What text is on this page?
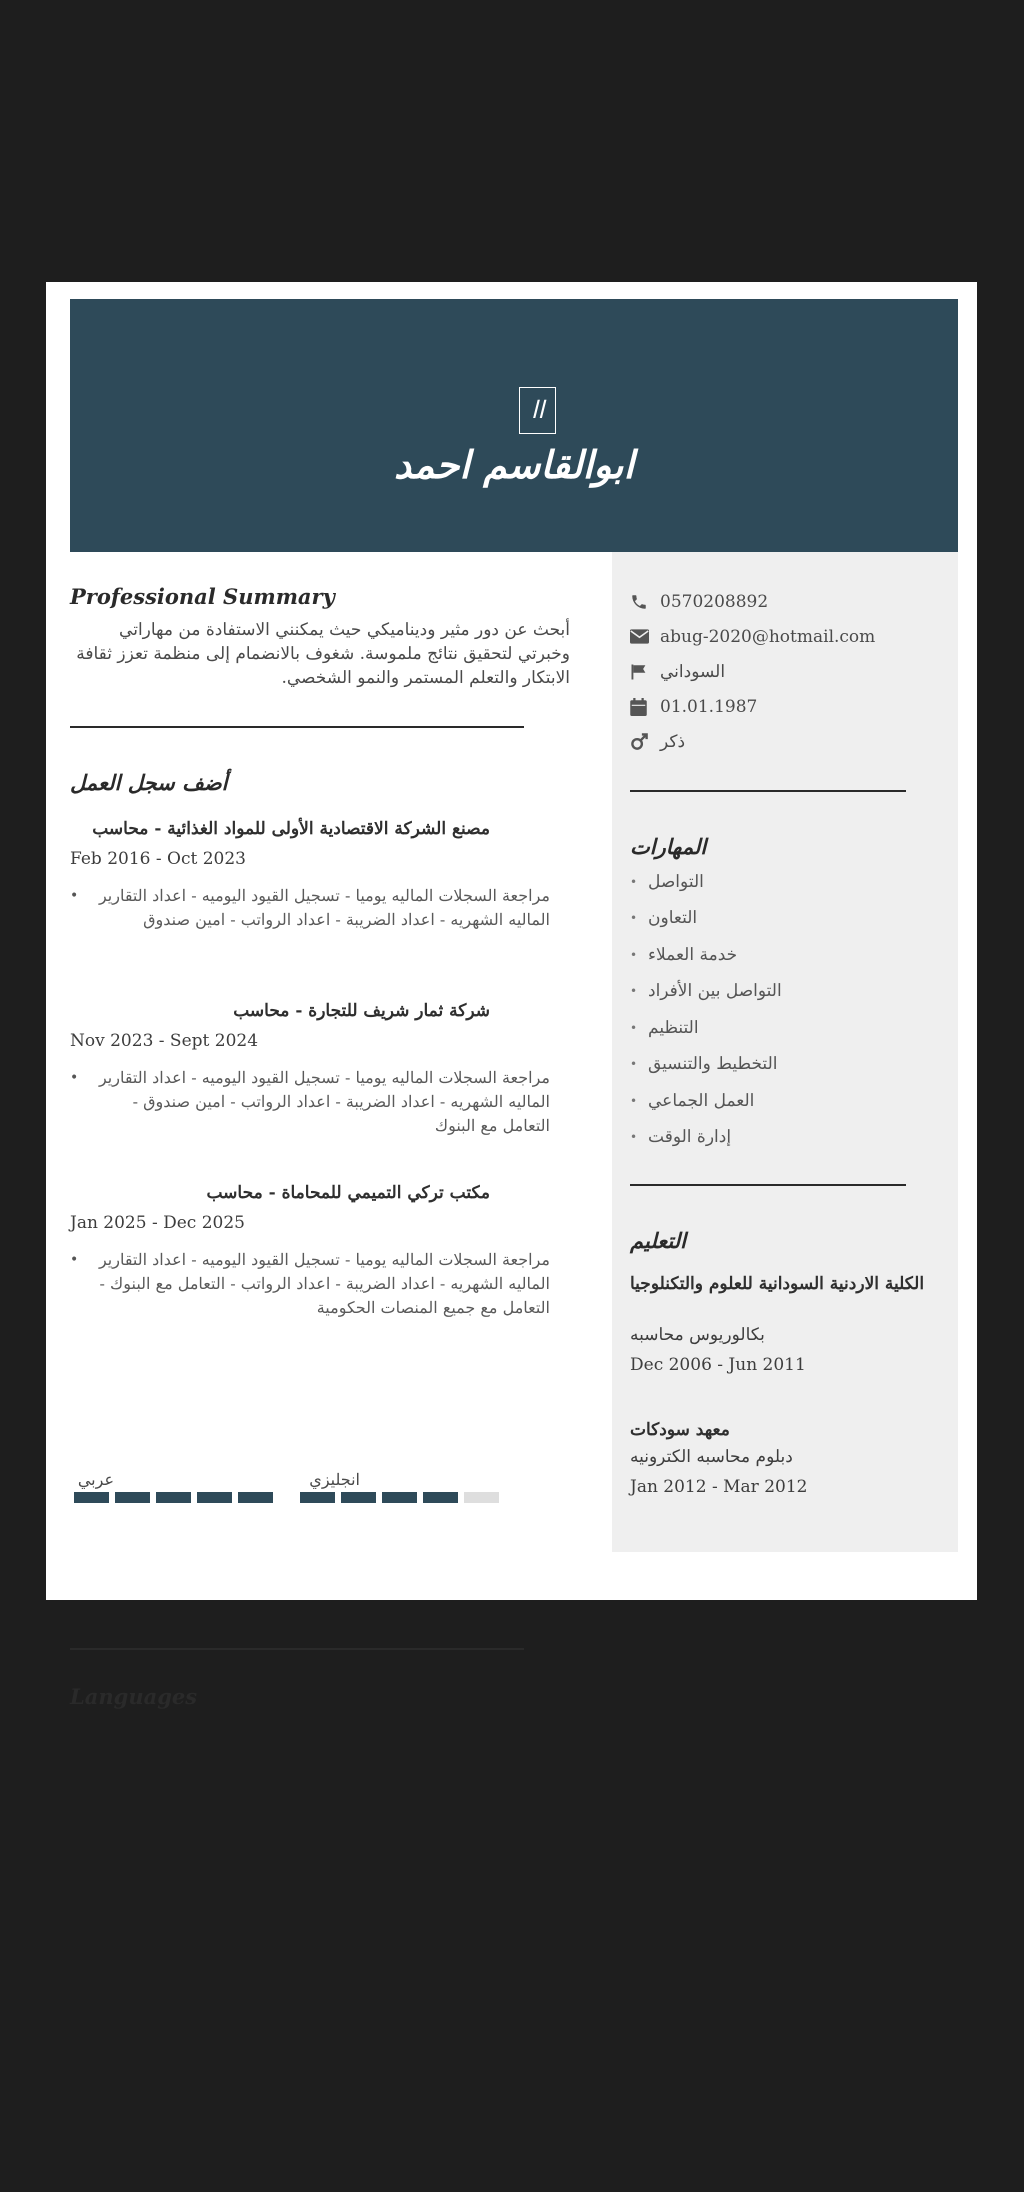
اا
ابوالقاسم احمد
Professional Summary
أبحث عن دور مثير وديناميكي حيث يمكنني الاستفادة من مهاراتي وخبرتي لتحقيق نتائج ملموسة. شغوف بالانضمام إلى منظمة تعزز ثقافة الابتكار والتعلم المستمر والنمو الشخصي.
أضف سجل العمل
مصنع الشركة الاقتصادية الأولى للمواد الغذائية - محاسب
Feb 2016 - Oct 2023
•	مراجعة السجلات الماليه يوميا - تسجيل القيود اليوميه - اعداد التقارير الماليه الشهريه - اعداد الضريبة - اعداد الرواتب - امين صندوق
شركة ثمار شريف للتجارة - محاسب
Nov 2023 - Sept 2024
•	مراجعة السجلات الماليه يوميا - تسجيل القيود اليوميه - اعداد التقارير الماليه الشهريه - اعداد الضريبة - اعداد الرواتب - امين صندوق - التعامل مع البنوك
مكتب تركي التميمي للمحاماة - محاسب
Jan 2025 - Dec 2025
•	مراجعة السجلات الماليه يوميا - تسجيل القيود اليوميه - اعداد التقارير الماليه الشهريه - اعداد الضريبة - اعداد الرواتب - التعامل مع البنوك - التعامل مع جميع المنصات الحكومية
Languages
عربي	انجليزي
0570208892
abug-2020@hotmail.com
السوداني
01.01.1987
ذكر
المهارات
• التواصل
• التعاون
• خدمة العملاء
• التواصل بين الأفراد
• التنظيم
• التخطيط والتنسيق
• العمل الجماعي
• إدارة الوقت
التعليم
الكلية الاردنية السودانية للعلوم والتكنلوجيا
بكالوريوس محاسبه
Dec 2006 - Jun 2011
معهد سودكات
دبلوم محاسبه الكترونيه
Jan 2012 - Mar 2012
